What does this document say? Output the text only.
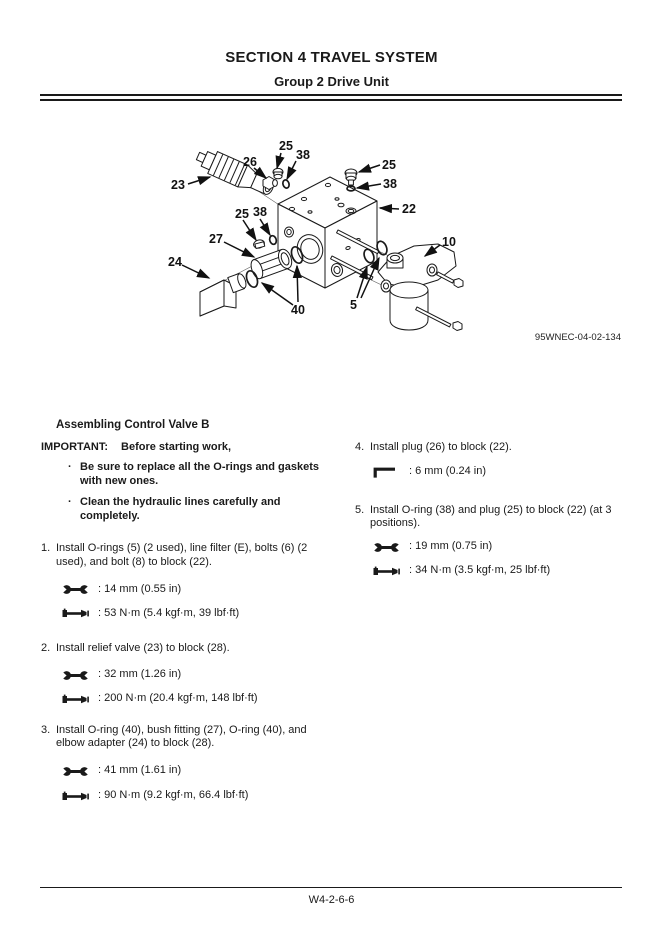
SECTION 4 TRAVEL SYSTEM
Group 2 Drive Unit
23
26
25
38
25
38
22
10
25 38
27
24
40	5
95WNEC-04-02-134
Assembling Control Valve B
IMPORTANT: Before starting work,
· Be sure to replace all the O-rings and gaskets with new ones.
· Clean the hydraulic lines carefully and completely.
1. Install O-rings (5) (2 used), line filter (E), bolts (6) (2 used), and bolt (8) to block (22).
: 14 mm (0.55 in)
: 53 N·m (5.4 kgf·m, 39 lbf·ft)
2. Install relief valve (23) to block (28).
: 32 mm (1.26 in)
: 200 N·m (20.4 kgf·m, 148 lbf·ft)
3. Install O-ring (40), bush fitting (27), O-ring (40), and elbow adapter (24) to block (28).
: 41 mm (1.61 in)
: 90 N·m (9.2 kgf·m, 66.4 lbf·ft)
4. Install plug (26) to block (22).
: 6 mm (0.24 in)
5. Install O-ring (38) and plug (25) to block (22) (at 3 positions).
: 19 mm (0.75 in)
: 34 N·m (3.5 kgf·m, 25 lbf·ft)
W4-2-6-6
